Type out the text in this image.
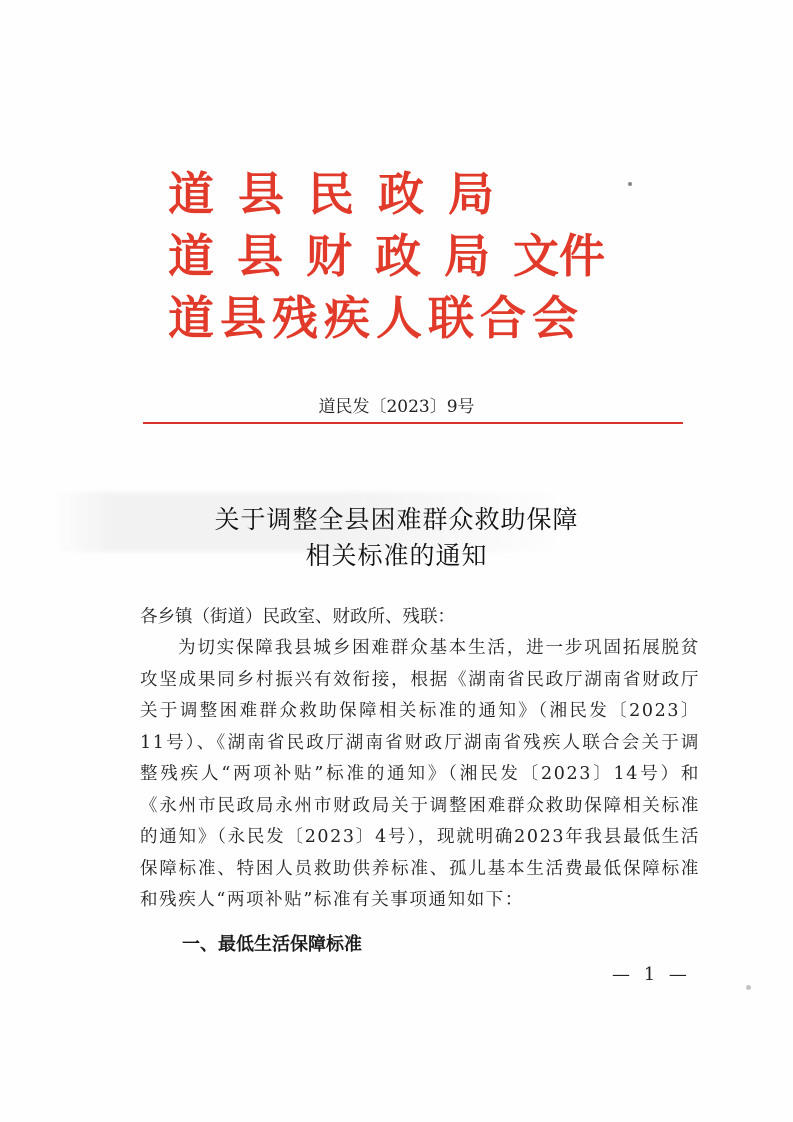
道县民政局
道县财政局文件
道县残疾人联合会
道民发〔2023〕9号
关于调整全县困难群众救助保障
相关标准的通知
各乡镇（街道）民政室、财政所、残联：
为切实保障我县城乡困难群众基本生活，进一步巩固拓展脱贫攻坚成果同乡村振兴有效衔接，根据《湖南省民政厅湖南省财政厅关于调整困难群众救助保障相关标准的通知》（湘民发〔2023〕11号）、《湖南省民政厅湖南省财政厅湖南省残疾人联合会关于调整残疾人“两项补贴”标准的通知》（湘民发〔2023〕14号）和《永州市民政局永州市财政局关于调整困难群众救助保障相关标准的通知》（永民发〔2023〕4号），现就明确2023年我县最低生活保障标准、特困人员救助供养标准、孤儿基本生活费最低保障标准和残疾人“两项补贴”标准有关事项通知如下：
一、最低生活保障标准
— 1 —
